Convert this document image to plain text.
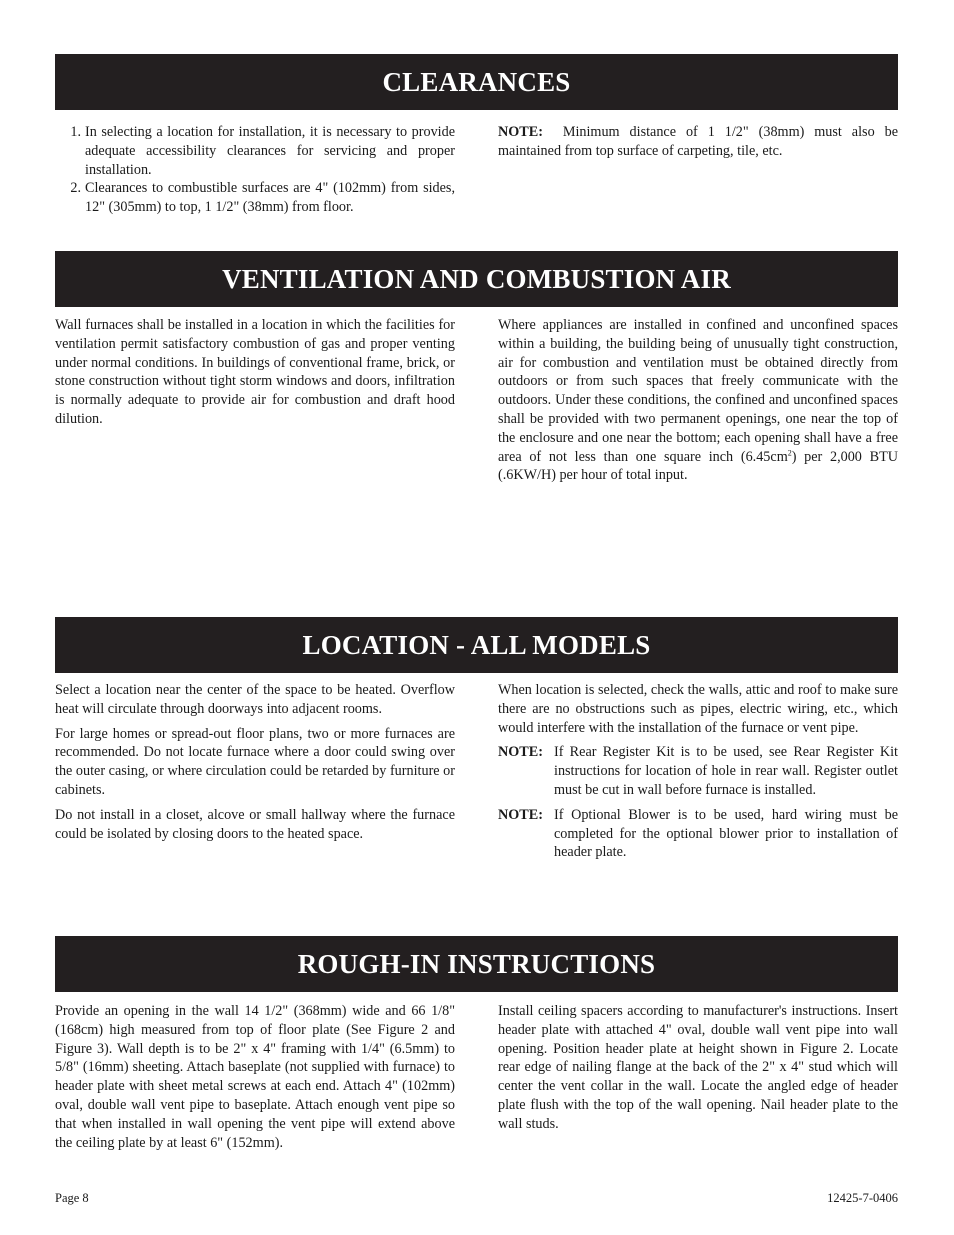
CLEARANCES
1. In selecting a location for installation, it is necessary to provide adequate accessibility clearances for servicing and proper installation.
2. Clearances to combustible surfaces are 4" (102mm) from sides, 12" (305mm) to top, 1 1/2" (38mm) from floor.
NOTE: Minimum distance of 1 1/2" (38mm) must also be maintained from top surface of carpeting, tile, etc.
VENTILATION AND COMBUSTION AIR

Wall furnaces shall be installed in a location in which the facilities for ventilation permit satisfactory combustion of gas and proper venting under normal conditions. In buildings of conventional frame, brick, or stone construction without tight storm windows and doors, infiltration is normally adequate to provide air for combustion and draft hood dilution.

Where appliances are installed in confined and unconfined spaces within a building, the building being of unusually tight construction, air for combustion and ventilation must be obtained directly from outdoors or from such spaces that freely communicate with the outdoors. Under these conditions, the confined and unconfined spaces shall be provided with two permanent openings, one near the top of the enclosure and one near the bottom; each opening shall have a free area of not less than one square inch $(6.45cm^2)$ per 2,000 BTU (.6KW/H) per hour of total input.

LOCATION - ALL MODELS

Select a location near the center of the space to be heated. Overflow heat will circulate through doorways into adjacent rooms.

For large homes or spread-out floor plans, two or more furnaces are recommended. Do not locate furnace where a door could swing over the outer casing, or where circulation could be retarded by furniture or cabinets.

Do not install in a closet, alcove or small hallway where the furnace could be isolated by closing doors to the heated space.

When location is selected, check the walls, attic and roof to make sure there are no obstructions such as pipes, electric wiring, etc., which would interfere with the installation of the furnace or vent pipe.

NOTE: If Rear Register Kit is to be used, see Rear Register Kit instructions for location of hole in rear wall. Register outlet must be cut in wall before furnace is installed.
NOTE: If Optional Blower is to be used, hard wiring must be completed for the optional blower prior to installation of header plate.
ROUGH-IN INSTRUCTIONS

Provide an opening in the wall 14 1/2" (368mm) wide and 66 1/8" (168cm) high measured from top of floor plate (See Figure 2 and Figure 3). Wall depth is to be 2" x 4" framing with 1/4" (6.5mm) to 5/8" (16mm) sheeting. Attach baseplate (not supplied with furnace) to header plate with sheet metal screws at each end. Attach 4" (102mm) oval, double wall vent pipe to baseplate. Attach enough vent pipe so that when installed in wall opening the vent pipe will extend above the ceiling plate by at least 6" (152mm).

Install ceiling spacers according to manufacturer's instructions. Insert header plate with attached 4" oval, double wall vent pipe into wall opening. Position header plate at height shown in Figure 2. Locate rear edge of nailing flange at the back of the 2" x 4" stud which will center the vent collar in the wall. Locate the angled edge of header plate flush with the top of the wall opening. Nail header plate to the wall studs.

Page 8	12425-7-0406
